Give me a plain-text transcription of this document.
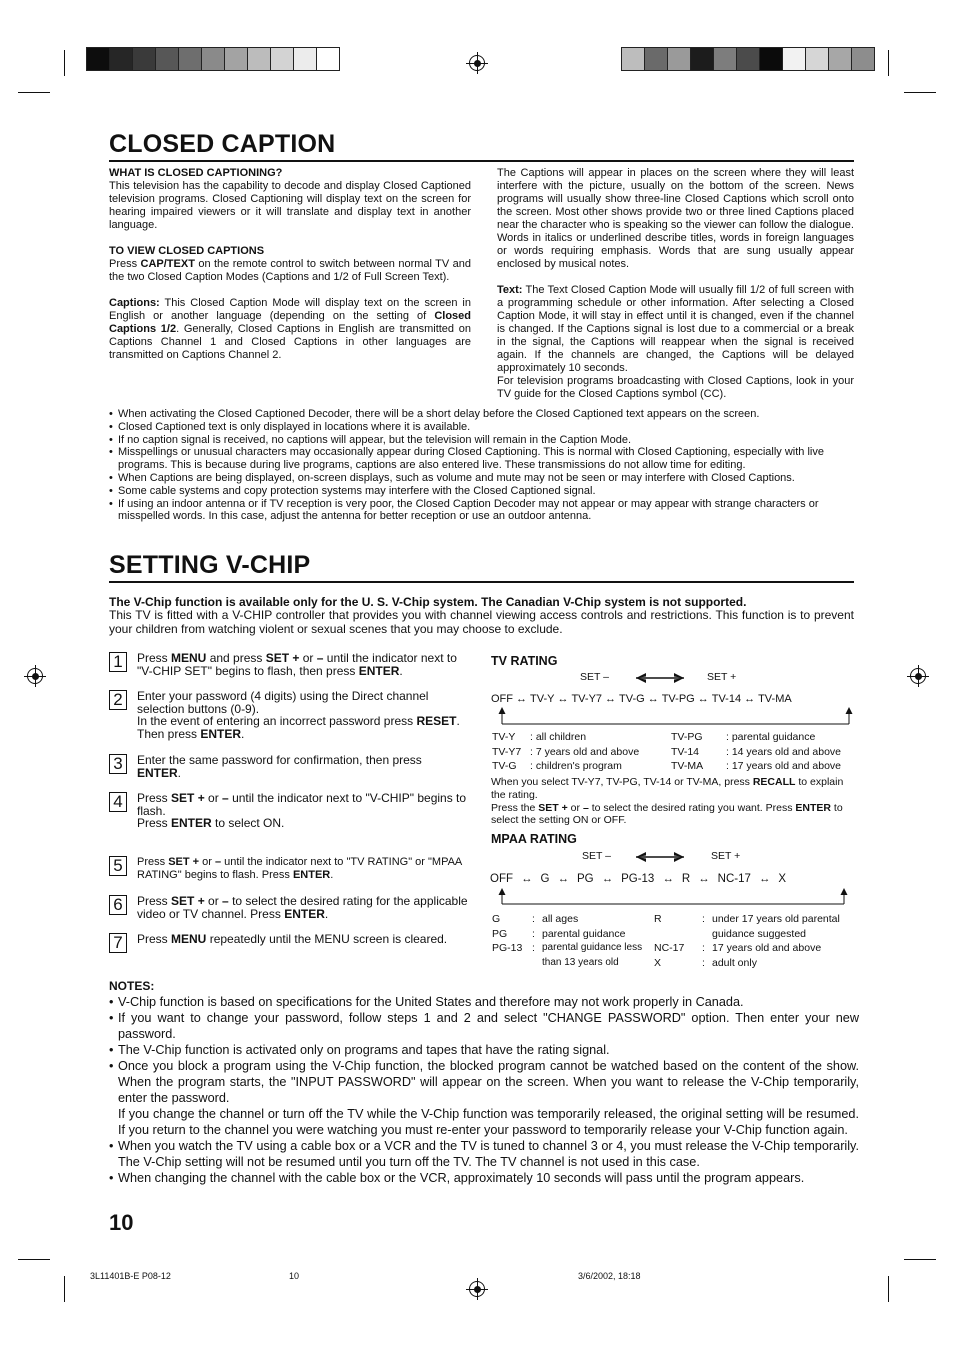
CLOSED CAPTION

WHAT IS CLOSED CAPTIONING?
This television has the capability to decode and display Closed Captioned television programs. Closed Captioning will display text on the screen for hearing impaired viewers or it will translate and display text in another language.

TO VIEW CLOSED CAPTIONS
Press CAP/TEXT on the remote control to switch between normal TV and the two Closed Caption Modes (Captions and 1/2 of Full Screen Text).

Captions: This Closed Caption Mode will display text on the screen in English or another language (depending on the setting of Closed Captions 1/2. Generally, Closed Captions in English are transmitted on Captions Channel 1 and Closed Captions in other languages are transmitted on Captions Channel 2.

The Captions will appear in places on the screen where they will least interfere with the picture, usually on the bottom of the screen. News programs will usually show three-line Closed Captions which scroll onto the screen. Most other shows provide two or three lined Captions placed near the character who is speaking so the viewer can follow the dialogue. Words in italics or underlined describe titles, words in foreign languages or words requiring emphasis. Words that are sung usually appear enclosed by musical notes.

Text: The Text Closed Caption Mode will usually fill 1/2 of full screen with a programming schedule or other information. After selecting a Closed Caption Mode, it will stay in effect until it is changed, even if the channel is changed. If the Captions signal is lost due to a commercial or a break in the signal, the Captions will reappear when the signal is received again. If the channels are changed, the Captions will be delayed approximately 10 seconds.
For television programs broadcasting with Closed Captions, look in your TV guide for the Closed Captions symbol (CC).

• When activating the Closed Captioned Decoder, there will be a short delay before the Closed Captioned text appears on the screen.
• Closed Captioned text is only displayed in locations where it is available.
• If no caption signal is received, no captions will appear, but the television will remain in the Caption Mode.
• Misspellings or unusual characters may occasionally appear during Closed Captioning. This is normal with Closed Captioning, especially with live programs. This is because during live programs, captions are also entered live. These transmissions do not allow time for editing.
• When Captions are being displayed, on-screen displays, such as volume and mute may not be seen or may interfere with Closed Captions.
• Some cable systems and copy protection systems may interfere with the Closed Captioned signal.
• If using an indoor antenna or if TV reception is very poor, the Closed Caption Decoder may not appear or may appear with strange characters or misspelled words. In this case, adjust the antenna for better reception or use an outdoor antenna.
SETTING V-CHIP
The V-Chip function is available only for the U. S. V-Chip system. The Canadian V-Chip system is not supported.
This TV is fitted with a V-CHIP controller that provides you with channel viewing access controls and restrictions. This function is to prevent your children from watching violent or sexual scenes that you may choose to exclude.
1	Press MENU and press SET + or – until the indicator next to "V-CHIP SET" begins to flash, then press ENTER.
2	Enter your password (4 digits) using the Direct channel selection buttons (0-9).
In the event of entering an incorrect password press RESET. Then press ENTER.
3	Enter the same password for confirmation, then press ENTER.
4	Press SET + or – until the indicator next to "V-CHIP" begins to flash.
Press ENTER to select ON.
5	Press SET + or – until the indicator next to "TV RATING" or "MPAA RATING" begins to flash. Press ENTER.
6	Press SET + or – to select the desired rating for the applicable video or TV channel. Press ENTER.
7	Press MENU repeatedly until the MENU screen is cleared.
TV RATING
SET –	SET +
OFF ↔ TV-Y ↔ TV-Y7 ↔ TV-G ↔ TV-PG ↔ TV-14 ↔ TV-MA
TV-Y	: all children
TV-Y7	: 7 years old and above
TV-G	: children's program
TV-PG	: parental guidance
TV-14	: 14 years old and above
TV-MA	: 17 years old and above
When you select TV-Y7, TV-PG, TV-14 or TV-MA, press RECALL to explain the rating.
Press the SET + or – to select the desired rating you want. Press ENTER to select the setting ON or OFF.
MPAA RATING
SET –	SET +
OFF ↔ G ↔ PG ↔ PG-13 ↔ R ↔ NC-17 ↔ X
G	:	all ages
PG	:	parental guidance
PG-13	:	parental guidance less
		than 13 years old
R	:	under 17 years old parental
		guidance suggested
NC-17	:	17 years old and above
X	:	adult only
NOTES:

• V-Chip function is based on specifications for the United States and therefore may not work properly in Canada.

• If you want to change your password, follow steps 1 and 2 and select "CHANGE PASSWORD" option. Then enter your new password.

• The V-Chip function is activated only on programs and tapes that have the rating signal.

• Once you block a program using the V-Chip function, the blocked program cannot be watched based on the content of the show. When the program starts, the "INPUT PASSWORD" will appear on the screen. When you want to release the V-Chip temporarily, enter the password.

If you change the channel or turn off the TV while the V-Chip function was temporarily released, the original setting will be resumed. If you return to the channel you were watching you must re-enter your password to temporarily release your V-Chip function again.

• When you watch the TV using a cable box or a VCR and the TV is tuned to channel 3 or 4, you must release the V-Chip temporarily. The V-Chip setting will not be resumed until you turn off the TV. The TV channel is not used in this case.

• When changing the channel with the cable box or the VCR, approximately 10 seconds will pass until the program appears.

10
3L11401B-E P08-12	10	3/6/2002, 18:18
